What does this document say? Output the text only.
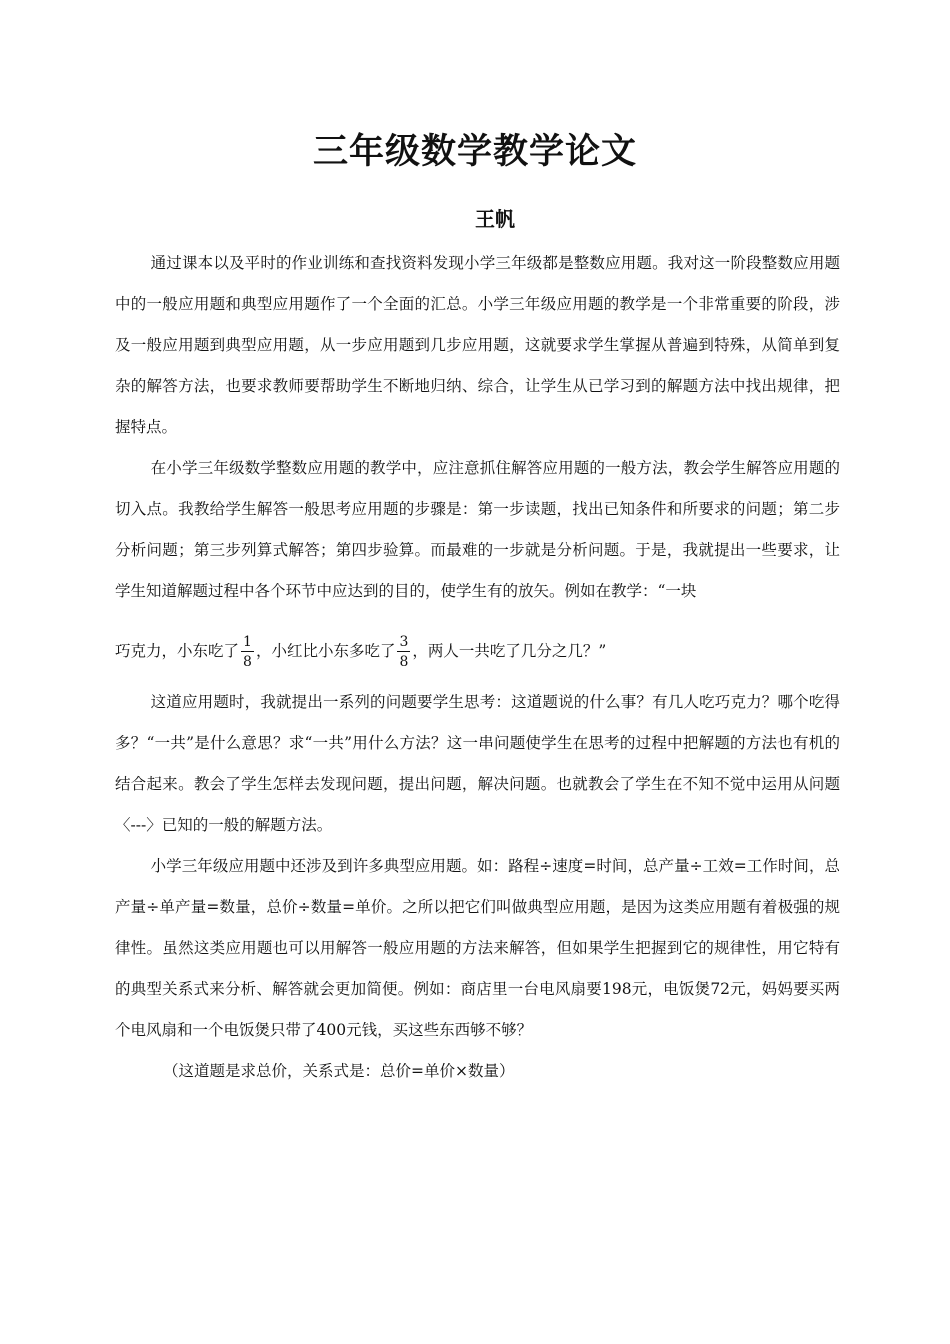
三年级数学教学论文
王帆

通过课本以及平时的作业训练和查找资料发现小学三年级都是整数应用题。我对这一阶段整数应用题中的一般应用题和典型应用题作了一个全面的汇总。小学三年级应用题的教学是一个非常重要的阶段，涉及一般应用题到典型应用题，从一步应用题到几步应用题，这就要求学生掌握从普遍到特殊，从简单到复杂的解答方法，也要求教师要帮助学生不断地归纳、综合，让学生从已学习到的解题方法中找出规律，把握特点。

在小学三年级数学整数应用题的教学中，应注意抓住解答应用题的一般方法，教会学生解答应用题的切入点。我教给学生解答一般思考应用题的步骤是：第一步读题，找出已知条件和所要求的问题；第二步分析问题；第三步列算式解答；第四步验算。而最难的一步就是分析问题。于是，我就提出一些要求，让学生知道解题过程中各个环节中应达到的目的，使学生有的放矢。例如在教学：“一块

巧克力，小东吃了 $\frac{1}{8}$ ，小红比小东多吃了 $\frac{3}{8}$ ，两人一共吃了几分之几？”

这道应用题时，我就提出一系列的问题要学生思考：这道题说的什么事？有几人吃巧克力？哪个吃得多？“一共”是什么意思？求“一共”用什么方法？这一串问题使学生在思考的过程中把解题的方法也有机的结合起来。教会了学生怎样去发现问题，提出问题，解决问题。也就教会了学生在不知不觉中运用从问题〈---〉已知的一般的解题方法。

小学三年级应用题中还涉及到许多典型应用题。如：路程÷速度=时间，总产量÷工效=工作时间，总产量÷单产量=数量，总价÷数量=单价。之所以把它们叫做典型应用题，是因为这类应用题有着极强的规律性。虽然这类应用题也可以用解答一般应用题的方法来解答，但如果学生把握到它的规律性，用它特有的典型关系式来分析、解答就会更加简便。例如：商店里一台电风扇要198元，电饭煲72元，妈妈要买两个电风扇和一个电饭煲只带了400元钱，买这些东西够不够？

（这道题是求总价，关系式是：总价=单价×数量）
